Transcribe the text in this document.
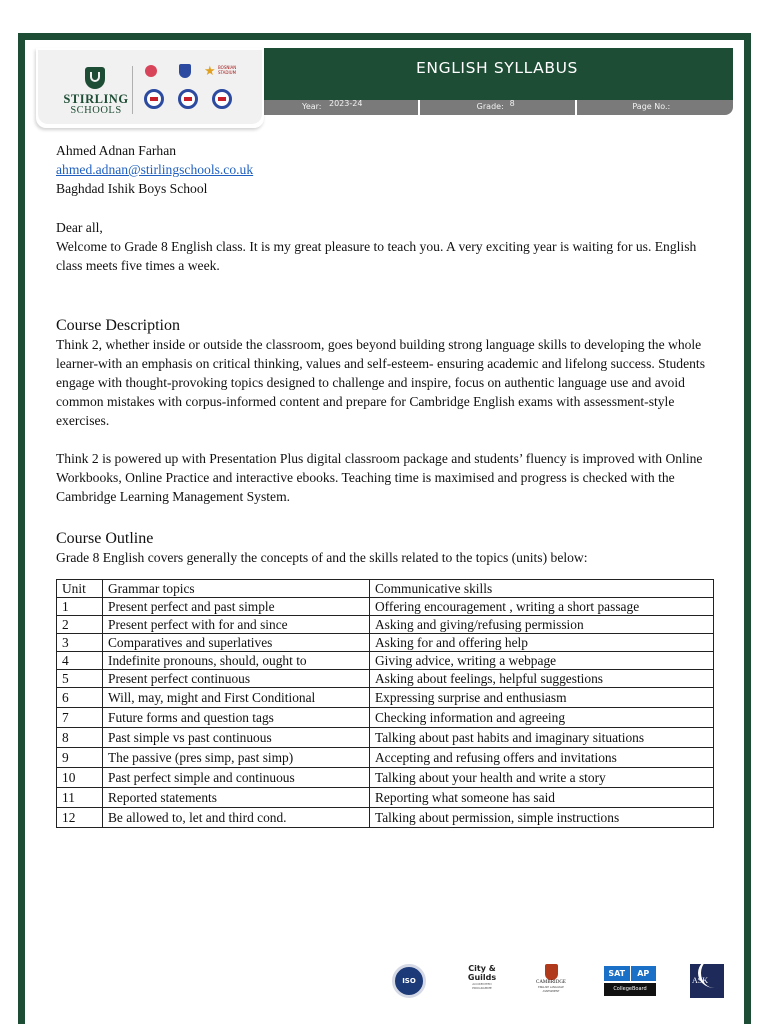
ENGLISH SYLLABUS
Year: 2023-24	Grade: 8	Page No.:
STIRLING
SCHOOLS
★ BOSNIAN
STADIUM

Ahmed Adnan Farhan

ahmed.adnan@stirlingschools.co.uk

Baghdad Ishik Boys School

Dear all,

Welcome to Grade 8 English class. It is my great pleasure to teach you. A very exciting year is waiting for us. English class meets five times a week.

Course Description

Think 2, whether inside or outside the classroom, goes beyond building strong language skills to developing the whole learner-with an emphasis on critical thinking, values and self-esteem- ensuring academic and lifelong success. Students engage with thought-provoking topics designed to challenge and inspire, focus on authentic language use and avoid common mistakes with corpus-informed content and prepare for Cambridge English exams with assessment-style exercises.

Think 2 is powered up with Presentation Plus digital classroom package and students’ fluency is improved with Online Workbooks, Online Practice and interactive ebooks. Teaching time is maximised and progress is checked with the Cambridge Learning Management System.

Course Outline

Grade 8 English covers generally the concepts of and the skills related to the topics (units) below:

Unit	Grammar topics	Communicative skills
1	Present perfect and past simple	Offering encouragement , writing a short passage
2	Present perfect with for and since	Asking and giving/refusing permission
3	Comparatives and superlatives	Asking for and offering help
4	Indefinite pronouns, should, ought to	Giving advice, writing a webpage
5	Present perfect continuous	Asking about feelings, helpful suggestions
6	Will, may, might and First Conditional	Expressing surprise and enthusiasm
7	Future forms and question tags	Checking information and agreeing
8	Past simple vs past continuous	Talking about past habits and imaginary situations
9	The passive (pres simp, past simp)	Accepting and refusing offers and invitations
10	Past perfect simple and continuous	Talking about your health and write a story
11	Reported statements	Reporting what someone has said
12	Be allowed to, let and third cond.	Talking about permission, simple instructions
ISO
City &
Guilds
ACCREDITED PROGRAMME
CAMBRIDGE
ENGLISH LANGUAGE ASSESSMENT
SAT	AP
CollegeBoard
ASK
